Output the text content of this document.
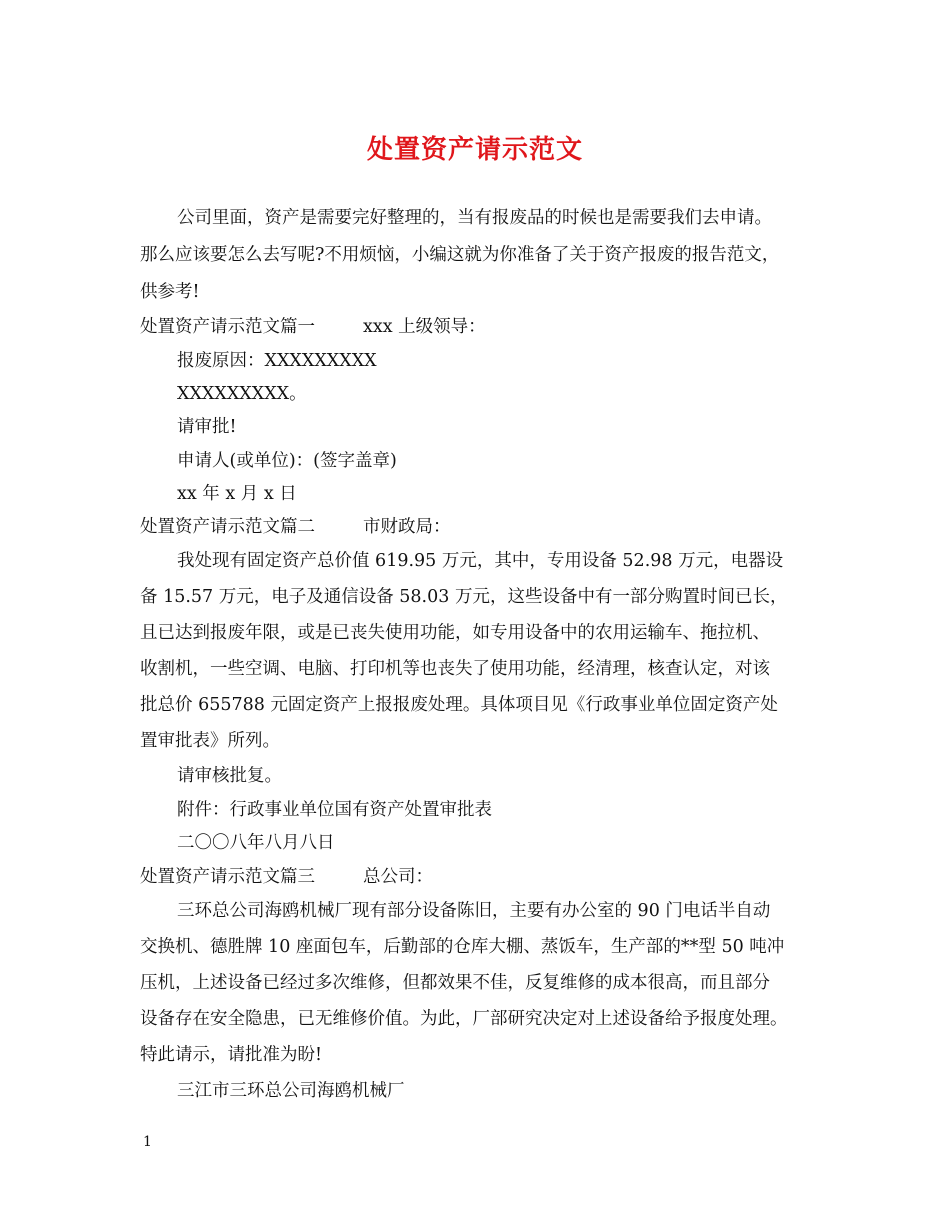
处置资产请示范文
公司里面，资产是需要完好整理的，当有报废品的时候也是需要我们去申请。
那么应该要怎么去写呢?不用烦恼，小编这就为你准备了关于资产报废的报告范文，
供参考!
处置资产请示范文篇一	xxx 上级领导：
报废原因：XXXXXXXXX
XXXXXXXXX。
请审批!
申请人(或单位)：(签字盖章)
xx 年 x 月 x 日
处置资产请示范文篇二	市财政局：
我处现有固定资产总价值 619.95 万元，其中，专用设备 52.98 万元，电器设
备 15.57 万元，电子及通信设备 58.03 万元，这些设备中有一部分购置时间已长，
且已达到报废年限，或是已丧失使用功能，如专用设备中的农用运输车、拖拉机、
收割机，一些空调、电脑、打印机等也丧失了使用功能，经清理，核查认定，对该
批总价 655788 元固定资产上报报废处理。具体项目见《行政事业单位固定资产处
置审批表》所列。
请审核批复。
附件：行政事业单位国有资产处置审批表
二〇〇八年八月八日
处置资产请示范文篇三	总公司：
三环总公司海鸥机械厂现有部分设备陈旧，主要有办公室的 90 门电话半自动
交换机、德胜牌 10 座面包车，后勤部的仓库大棚、蒸饭车，生产部的**型 50 吨冲
压机，上述设备已经过多次维修，但都效果不佳，反复维修的成本很高，而且部分
设备存在安全隐患，已无维修价值。为此，厂部研究决定对上述设备给予报度处理。
特此请示，请批准为盼!
三江市三环总公司海鸥机械厂
1
